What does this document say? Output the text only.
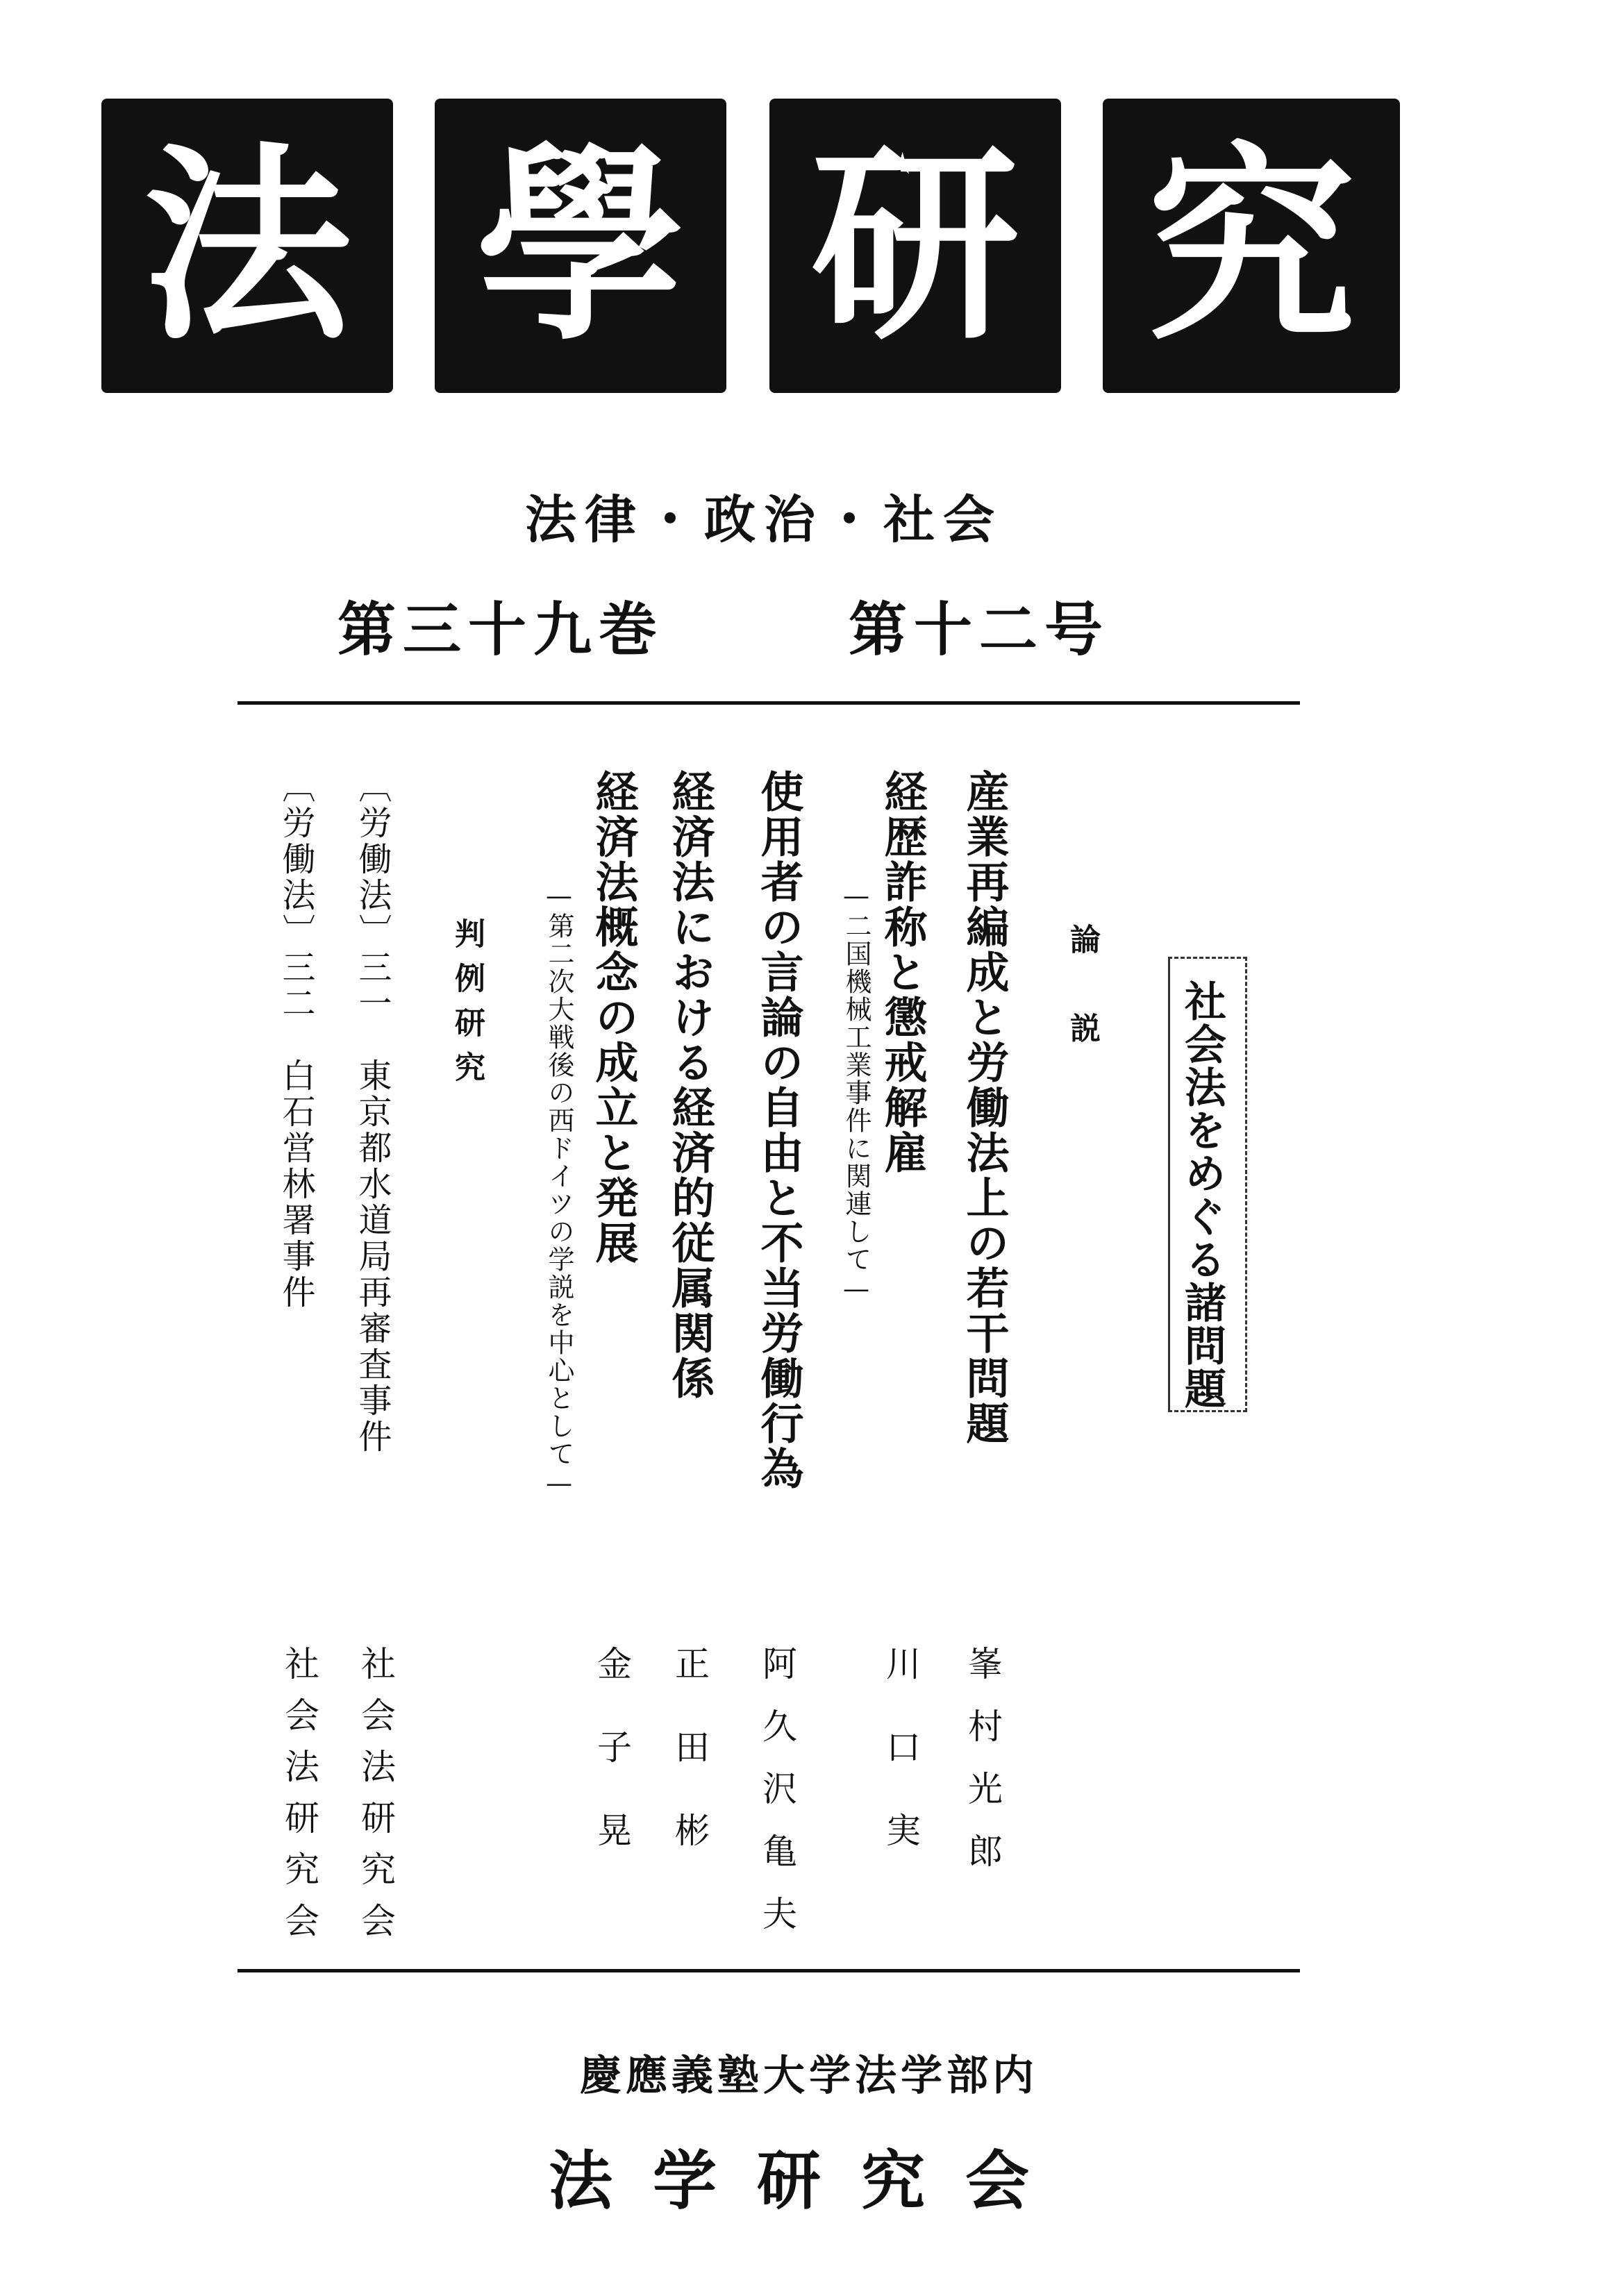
法 學 研 究
法律・政治・社会
第三十九巻	第十二号
社会法をめぐる諸問題
論　説
産業再編成と労働法上の若干問題
経歴詐称と懲戒解雇
—二国機械工業事件に関連して—
使用者の言論の自由と不当労働行為
経済法における経済的従属関係
経済法概念の成立と発展
—第二次大戦後の西ドイツの学説を中心として—
判例研究
〔労働法〕三一　東京都水道局再審査事件
〔労働法〕三二　白石営林署事件
峯村光郎
川口実
阿久沢亀夫
正田彬
金子晃
社会法研究会
社会法研究会
慶應義塾大学法学部内
法学研究会
